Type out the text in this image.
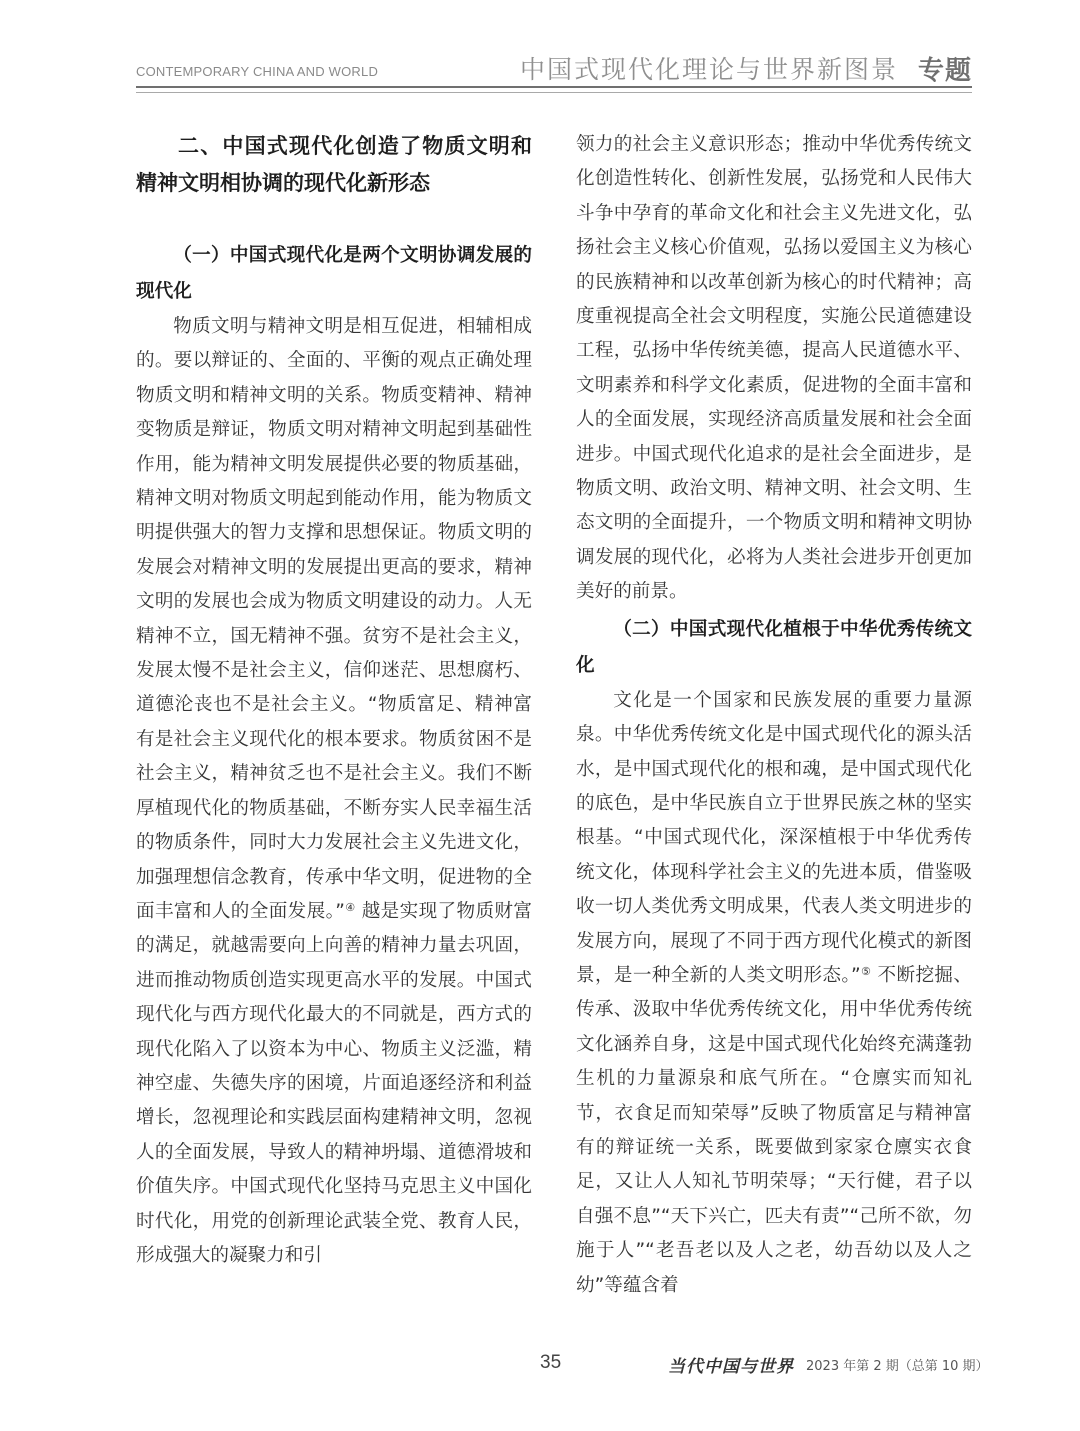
CONTEMPORARY CHINA AND WORLD	中国式现代化理论与世界新图景 专题
二、中国式现代化创造了物质文明和精神文明相协调的现代化新形态
（一）中国式现代化是两个文明协调发展的现代化

物质文明与精神文明是相互促进，相辅相成的。要以辩证的、全面的、平衡的观点正确处理物质文明和精神文明的关系。物质变精神、精神变物质是辩证，物质文明对精神文明起到基础性作用，能为精神文明发展提供必要的物质基础，精神文明对物质文明起到能动作用，能为物质文明提供强大的智力支撑和思想保证。物质文明的发展会对精神文明的发展提出更高的要求，精神文明的发展也会成为物质文明建设的动力。人无精神不立，国无精神不强。贫穷不是社会主义，发展太慢不是社会主义，信仰迷茫、思想腐朽、道德沦丧也不是社会主义。“物质富足、精神富有是社会主义现代化的根本要求。物质贫困不是社会主义，精神贫乏也不是社会主义。我们不断厚植现代化的物质基础，不断夯实人民幸福生活的物质条件，同时大力发展社会主义先进文化，加强理想信念教育，传承中华文明，促进物的全面丰富和人的全面发展。”④ 越是实现了物质财富的满足，就越需要向上向善的精神力量去巩固，进而推动物质创造实现更高水平的发展。中国式现代化与西方现代化最大的不同就是，西方式的现代化陷入了以资本为中心、物质主义泛滥，精神空虚、失德失序的困境，片面追逐经济和利益增长，忽视理论和实践层面构建精神文明，忽视人的全面发展，导致人的精神坍塌、道德滑坡和价值失序。中国式现代化坚持马克思主义中国化时代化，用党的创新理论武装全党、教育人民，形成强大的凝聚力和引

领力的社会主义意识形态；推动中华优秀传统文化创造性转化、创新性发展，弘扬党和人民伟大斗争中孕育的革命文化和社会主义先进文化，弘扬社会主义核心价值观，弘扬以爱国主义为核心的民族精神和以改革创新为核心的时代精神；高度重视提高全社会文明程度，实施公民道德建设工程，弘扬中华传统美德，提高人民道德水平、文明素养和科学文化素质，促进物的全面丰富和人的全面发展，实现经济高质量发展和社会全面进步。中国式现代化追求的是社会全面进步，是物质文明、政治文明、精神文明、社会文明、生态文明的全面提升，一个物质文明和精神文明协调发展的现代化，必将为人类社会进步开创更加美好的前景。

（二）中国式现代化植根于中华优秀传统文化

文化是一个国家和民族发展的重要力量源泉。中华优秀传统文化是中国式现代化的源头活水，是中国式现代化的根和魂，是中国式现代化的底色，是中华民族自立于世界民族之林的坚实根基。“中国式现代化，深深植根于中华优秀传统文化，体现科学社会主义的先进本质，借鉴吸收一切人类优秀文明成果，代表人类文明进步的发展方向，展现了不同于西方现代化模式的新图景，是一种全新的人类文明形态。”⑤ 不断挖掘、传承、汲取中华优秀传统文化，用中华优秀传统文化涵养自身，这是中国式现代化始终充满蓬勃生机的力量源泉和底气所在。“仓廪实而知礼节，衣食足而知荣辱”反映了物质富足与精神富有的辩证统一关系，既要做到家家仓廪实衣食足，又让人人知礼节明荣辱；“天行健，君子以自强不息”“天下兴亡，匹夫有责”“己所不欲，勿施于人”“老吾老以及人之老，幼吾幼以及人之幼”等蕴含着

35	当代中国与世界 2023 年第 2 期（总第 10 期）
